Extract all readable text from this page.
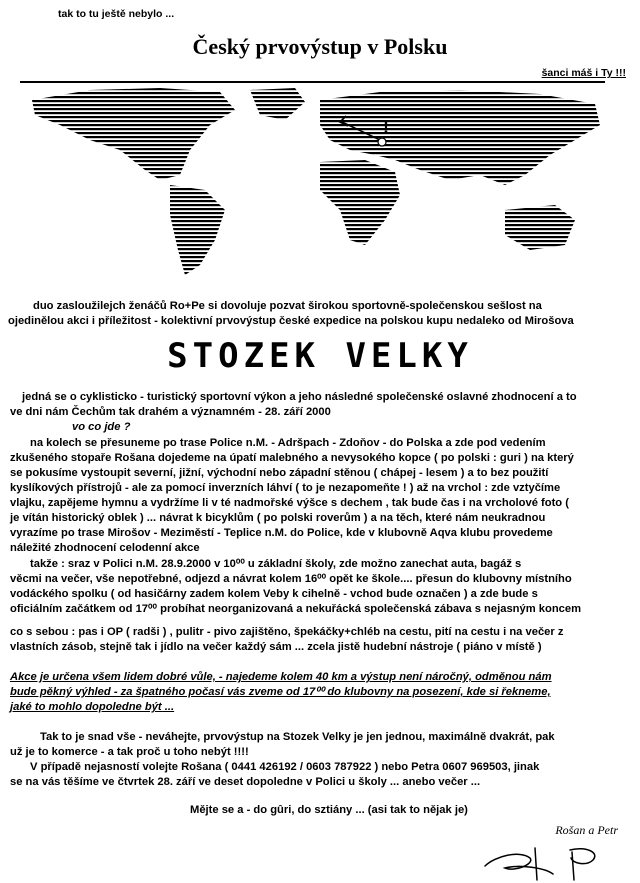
tak to tu ještě nebylo ...
Český prvovýstup v Polsku
šanci máš i Ty !!!
!
duo zasloužilejch ženáčů Ro+Pe si dovoluje pozvat širokou sportovně-společenskou sešlost na
ojedinělou akci i příležitost - kolektivní prvovýstup české expedice na polskou kupu nedaleko od Mirošova
STOZEK VELKY
jedná se o cyklisticko - turistický sportovní výkon a jeho následné společenské oslavné zhodnocení a to
ve dni nám Čechům tak drahém a významném - 28. září 2000
vo co jde ?
na kolech se přesuneme po trase Police n.M. - Adršpach - Zdoňov - do Polska a zde pod vedením
zkušeného stopaře Rošana dojedeme na úpatí malebného a nevysokého kopce ( po polski : guri ) na který
se pokusíme vystoupit severní, jižní, východní nebo západní stěnou ( chápej - lesem ) a to bez použití
kyslíkových přístrojů - ale za pomocí inverzních láhví ( to je nezapomeňte ! ) až na vrchol : zde vztyčíme
vlajku, zapějeme hymnu a vydržíme li v té nadmořské výšce s dechem , tak bude čas i na vrcholové foto (
je vítán historický oblek ) ... návrat k bicyklům ( po polski roverům ) a na těch, které nám neukradnou
vyrazíme po trase Mirošov - Meziměstí - Teplice n.M. do Police, kde v klubovně Aqva klubu provedeme
náležité zhodnocení celodenní akce
takže : sraz v Polici n.M. 28.9.2000 v 10⁰⁰ u základní školy, zde možno zanechat auta, bagáž s
věcmi na večer, vše nepotřebné, odjezd a návrat kolem 16⁰⁰ opět ke škole.... přesun do klubovny místního
vodáckého spolku ( od hasičárny zadem kolem Veby k cihelně - vchod bude označen ) a zde bude s
oficiálním začátkem od 17⁰⁰ probíhat neorganizovaná a nekuřácká společenská zábava s nejasným koncem
co s sebou : pas i OP ( radši ) , pulitr - pivo zajištěno, špekáčky+chléb na cestu, pití na cestu i na večer z
vlastních zásob, stejně tak i jídlo na večer každý sám ... zcela jistě hudební nástroje ( piáno v místě )
Akce je určena všem lidem dobré vůle, - najedeme kolem 40 km a výstup není náročný, odměnou nám
bude pěkný výhled - za špatného počasí vás zveme od 17⁰⁰ do klubovny na posezení, kde si řekneme,
jaké to mohlo dopoledne být ...
Tak to je snad vše - neváhejte, prvovýstup na Stozek Velky je jen jednou, maximálně dvakrát, pak
už je to komerce - a tak proč u toho nebýt !!!!
V případě nejasností volejte Rošana ( 0441 426192 / 0603 787922 ) nebo Petra 0607 969503, jinak
se na vás těšíme ve čtvrtek 28. září ve deset dopoledne v Polici u školy ... anebo večer ...
Mějte se a - do gûri, do sztiány ... (asi tak to nějak je)
Rošan a Petr
